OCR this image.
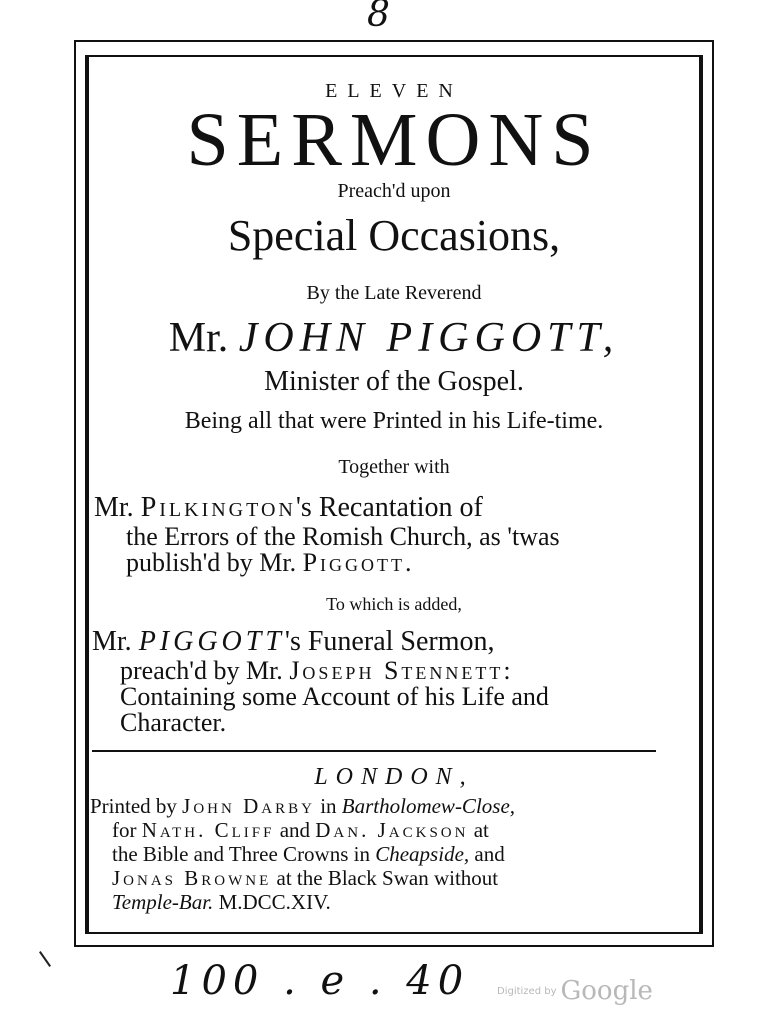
8
ELEVEN
SERMONS
Preach'd upon
Special Occasions,
By the Late Reverend
Mr. JOHN PIGGOTT,
Minister of the Gospel.
Being all that were Printed in his Life-time.
Together with
Mr. Pilkington's Recantation of
the Errors of the Romish Church, as 'twas
publish'd by Mr. Piggott.
To which is added,
Mr. PIGGOTT's Funeral Sermon,
preach'd by Mr. Joseph Stennett:
Containing some Account of his Life and
Character.
LONDON,
Printed by John Darby in Bartholomew-Close,
for Nath. Cliff and Dan. Jackson at
the Bible and Three Crowns in Cheapside, and
Jonas Browne at the Black Swan without
Temple-Bar. M.DCC.XIV.
100 . e . 40	Digitized by Google
